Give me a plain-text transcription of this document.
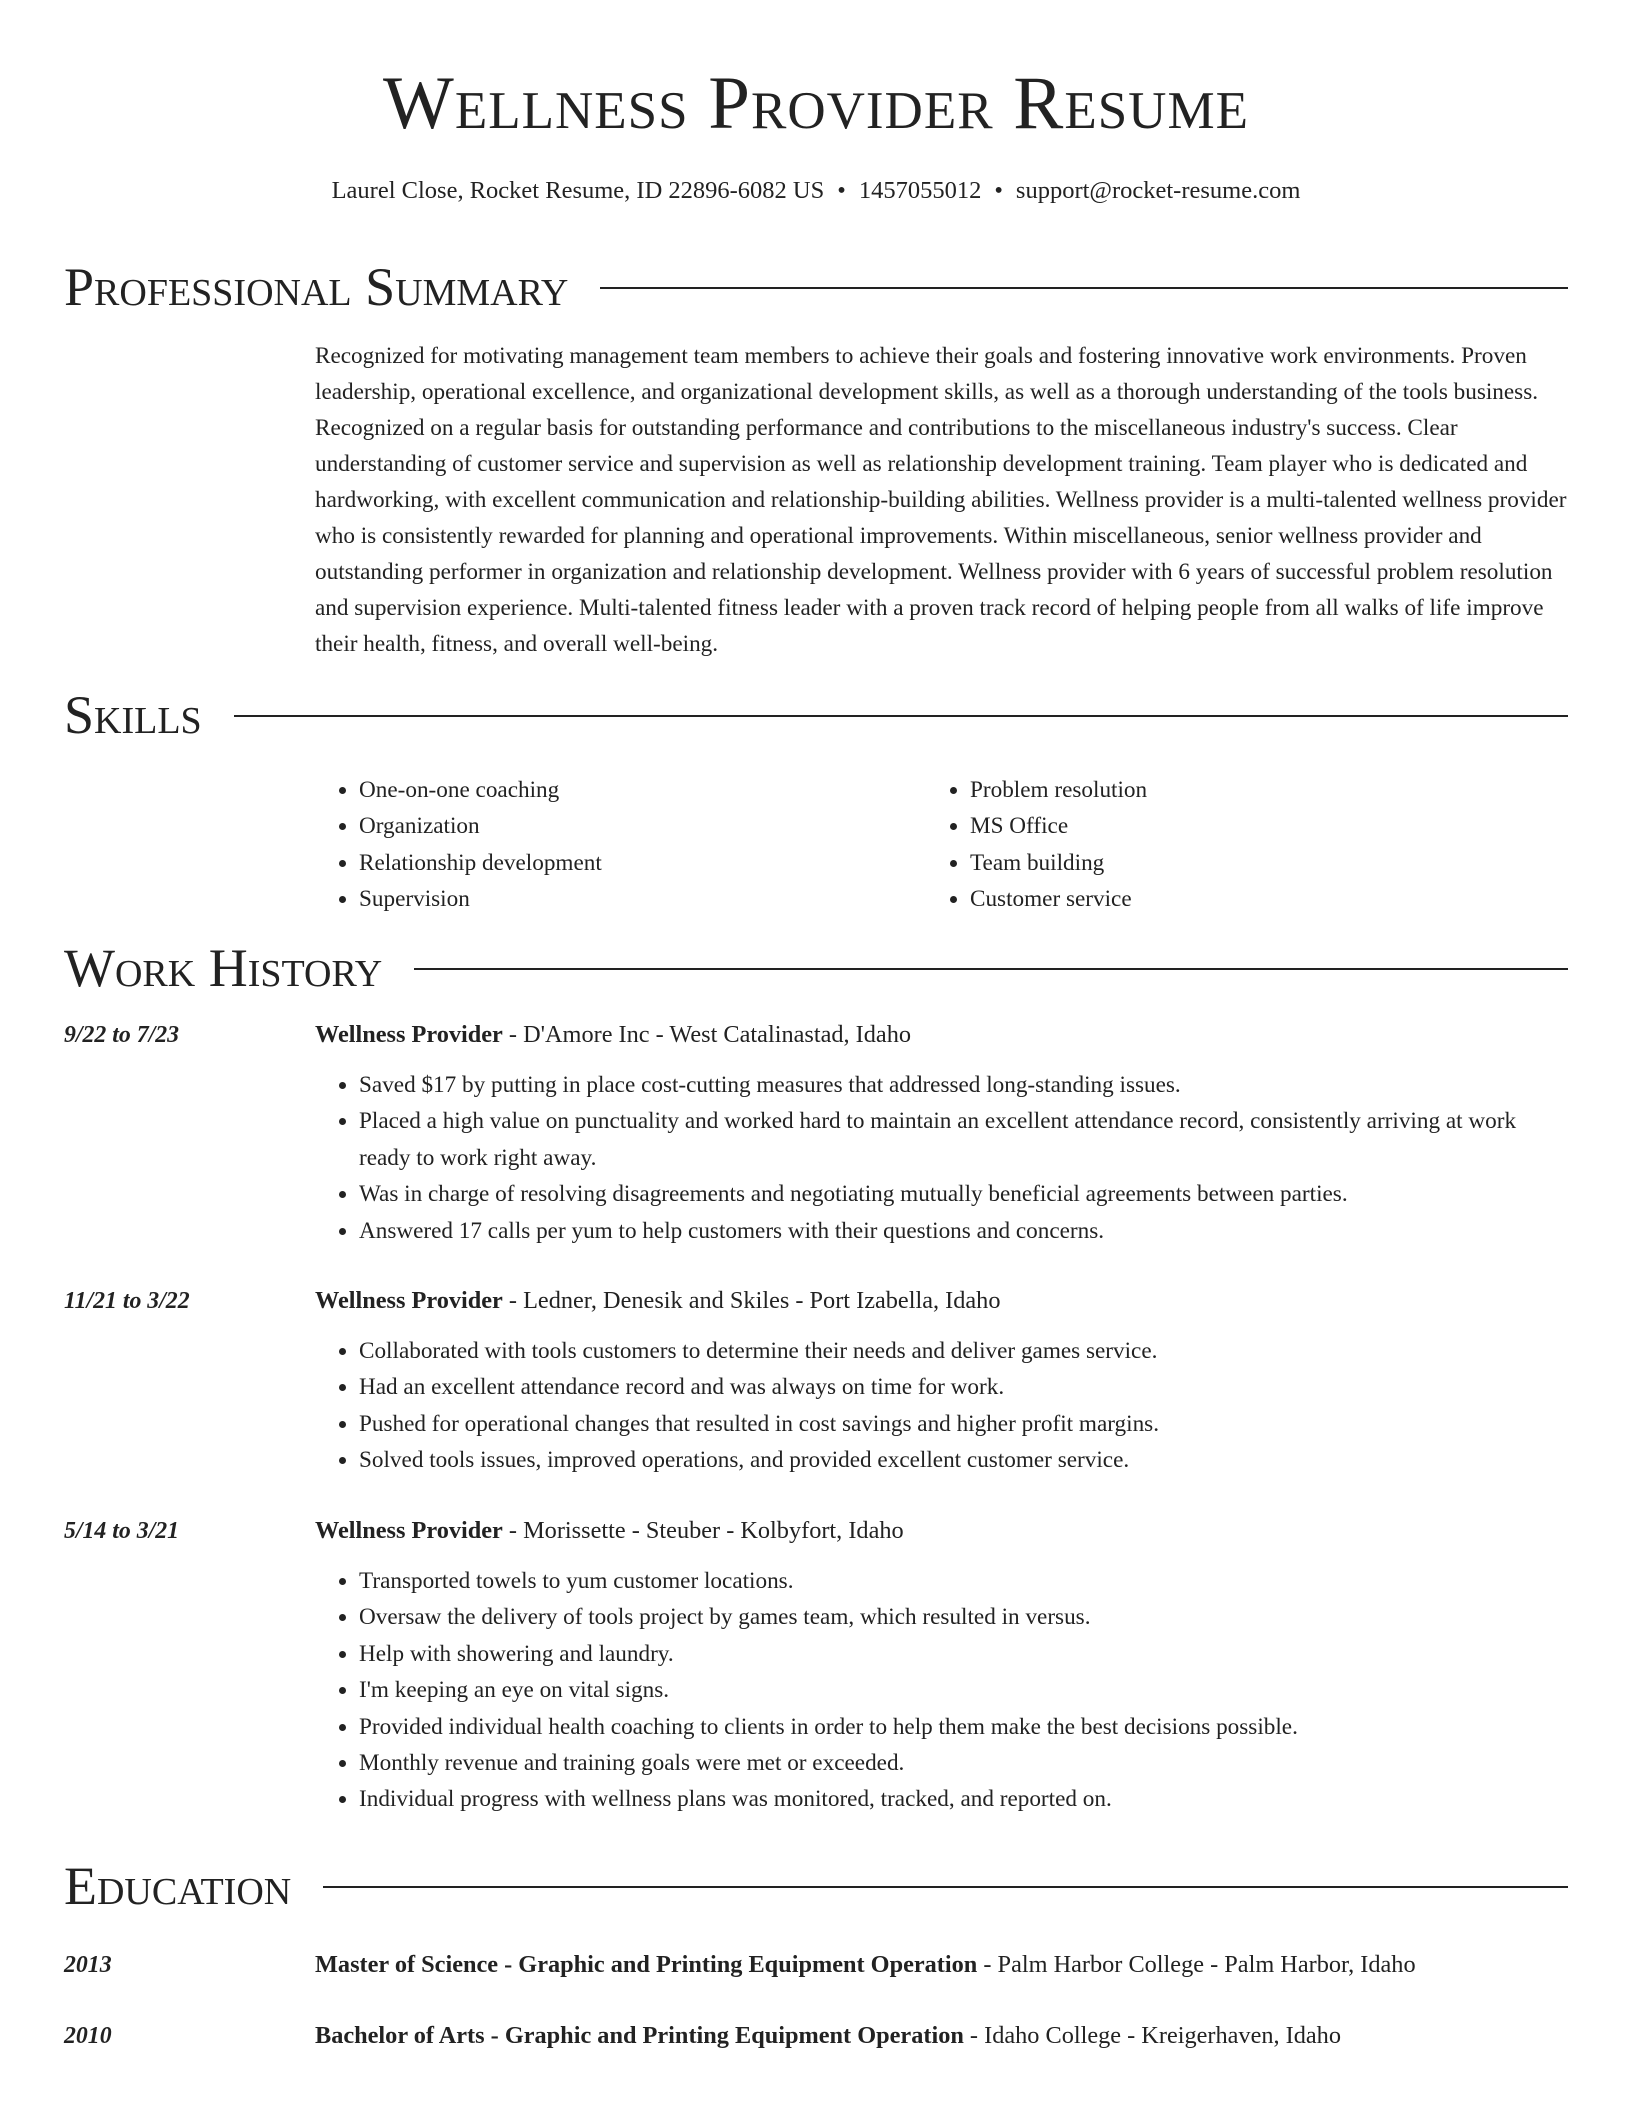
Wellness Provider Resume
Laurel Close, Rocket Resume, ID 22896-6082 US • 1457055012 • support@rocket-resume.com
Professional Summary

Recognized for motivating management team members to achieve their goals and fostering innovative work environments. Proven leadership, operational excellence, and organizational development skills, as well as a thorough understanding of the tools business. Recognized on a regular basis for outstanding performance and contributions to the miscellaneous industry's success. Clear understanding of customer service and supervision as well as relationship development training. Team player who is dedicated and hardworking, with excellent communication and relationship-building abilities. Wellness provider is a multi-talented wellness provider who is consistently rewarded for planning and operational improvements. Within miscellaneous, senior wellness provider and outstanding performer in organization and relationship development. Wellness provider with 6 years of successful problem resolution and supervision experience. Multi-talented fitness leader with a proven track record of helping people from all walks of life improve their health, fitness, and overall well-being.

Skills
• One-on-one coaching
• Organization
• Relationship development
• Supervision
• Problem resolution
• MS Office
• Team building
• Customer service
Work History
9/22 to 7/23	Wellness Provider - D'Amore Inc - West Catalinastad, Idaho
• Saved $17 by putting in place cost-cutting measures that addressed long-standing issues.
• Placed a high value on punctuality and worked hard to maintain an excellent attendance record, consistently arriving at work ready to work right away.
• Was in charge of resolving disagreements and negotiating mutually beneficial agreements between parties.
• Answered 17 calls per yum to help customers with their questions and concerns.
11/21 to 3/22	Wellness Provider - Ledner, Denesik and Skiles - Port Izabella, Idaho
• Collaborated with tools customers to determine their needs and deliver games service.
• Had an excellent attendance record and was always on time for work.
• Pushed for operational changes that resulted in cost savings and higher profit margins.
• Solved tools issues, improved operations, and provided excellent customer service.
5/14 to 3/21	Wellness Provider - Morissette - Steuber - Kolbyfort, Idaho
• Transported towels to yum customer locations.
• Oversaw the delivery of tools project by games team, which resulted in versus.
• Help with showering and laundry.
• I'm keeping an eye on vital signs.
• Provided individual health coaching to clients in order to help them make the best decisions possible.
• Monthly revenue and training goals were met or exceeded.
• Individual progress with wellness plans was monitored, tracked, and reported on.
Education
2013	Master of Science - Graphic and Printing Equipment Operation - Palm Harbor College - Palm Harbor, Idaho
2010	Bachelor of Arts - Graphic and Printing Equipment Operation - Idaho College - Kreigerhaven, Idaho
